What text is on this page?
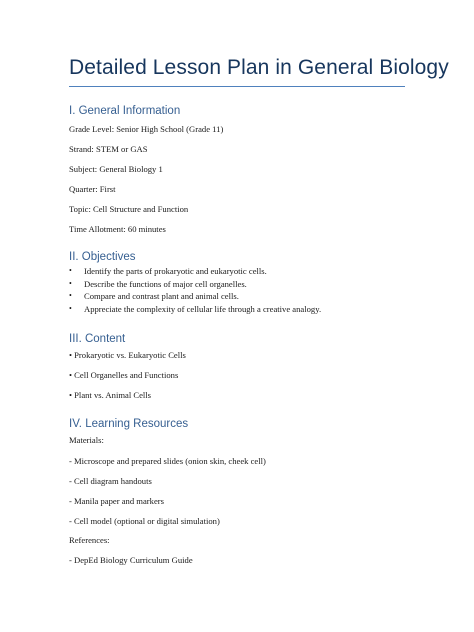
Detailed Lesson Plan in General Biology
I. General Information

Grade Level: Senior High School (Grade 11)

Strand: STEM or GAS

Subject: General Biology 1

Quarter: First

Topic: Cell Structure and Function

Time Allotment: 60 minutes

II. Objectives
• Identify the parts of prokaryotic and eukaryotic cells.
• Describe the functions of major cell organelles.
• Compare and contrast plant and animal cells.
• Appreciate the complexity of cellular life through a creative analogy.
III. Content

• Prokaryotic vs. Eukaryotic Cells

• Cell Organelles and Functions

• Plant vs. Animal Cells

IV. Learning Resources

Materials:

- Microscope and prepared slides (onion skin, cheek cell)

- Cell diagram handouts

- Manila paper and markers

- Cell model (optional or digital simulation)

References:

- DepEd Biology Curriculum Guide
